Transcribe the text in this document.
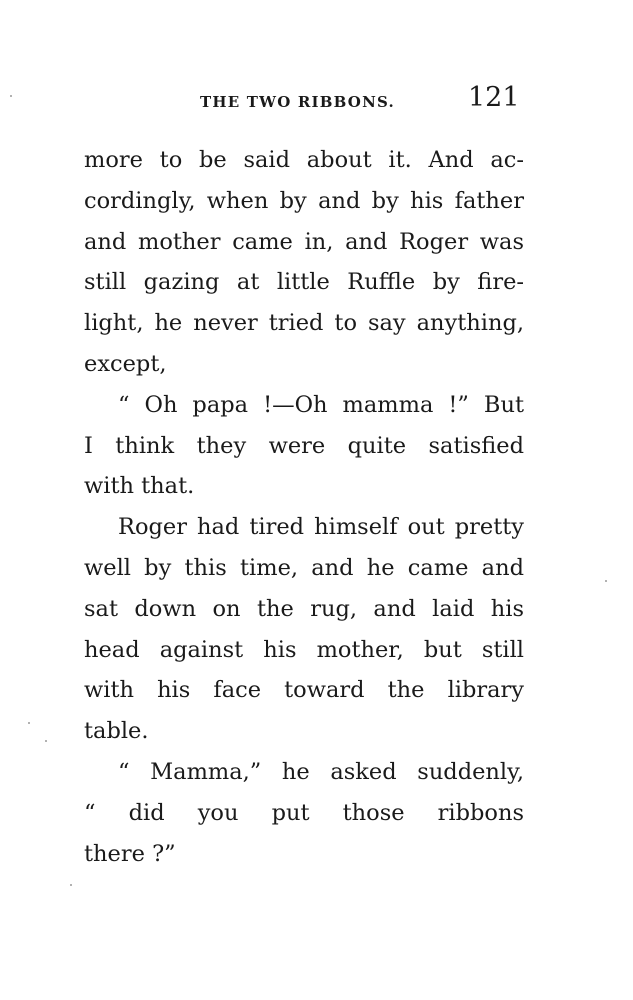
THE TWO RIBBONS.	121
more to be said about it. And ac-
cordingly, when by and by his father
and mother came in, and Roger was
still gazing at little Ruffle by fire-
light, he never tried to say anything,
except,
“ Oh papa !—Oh mamma !” But
I think they were quite satisfied
with that.
Roger had tired himself out pretty
well by this time, and he came and
sat down on the rug, and laid his
head against his mother, but still
with his face toward the library
table.
“ Mamma,” he asked suddenly,
“ did you put those ribbons
there ?”
